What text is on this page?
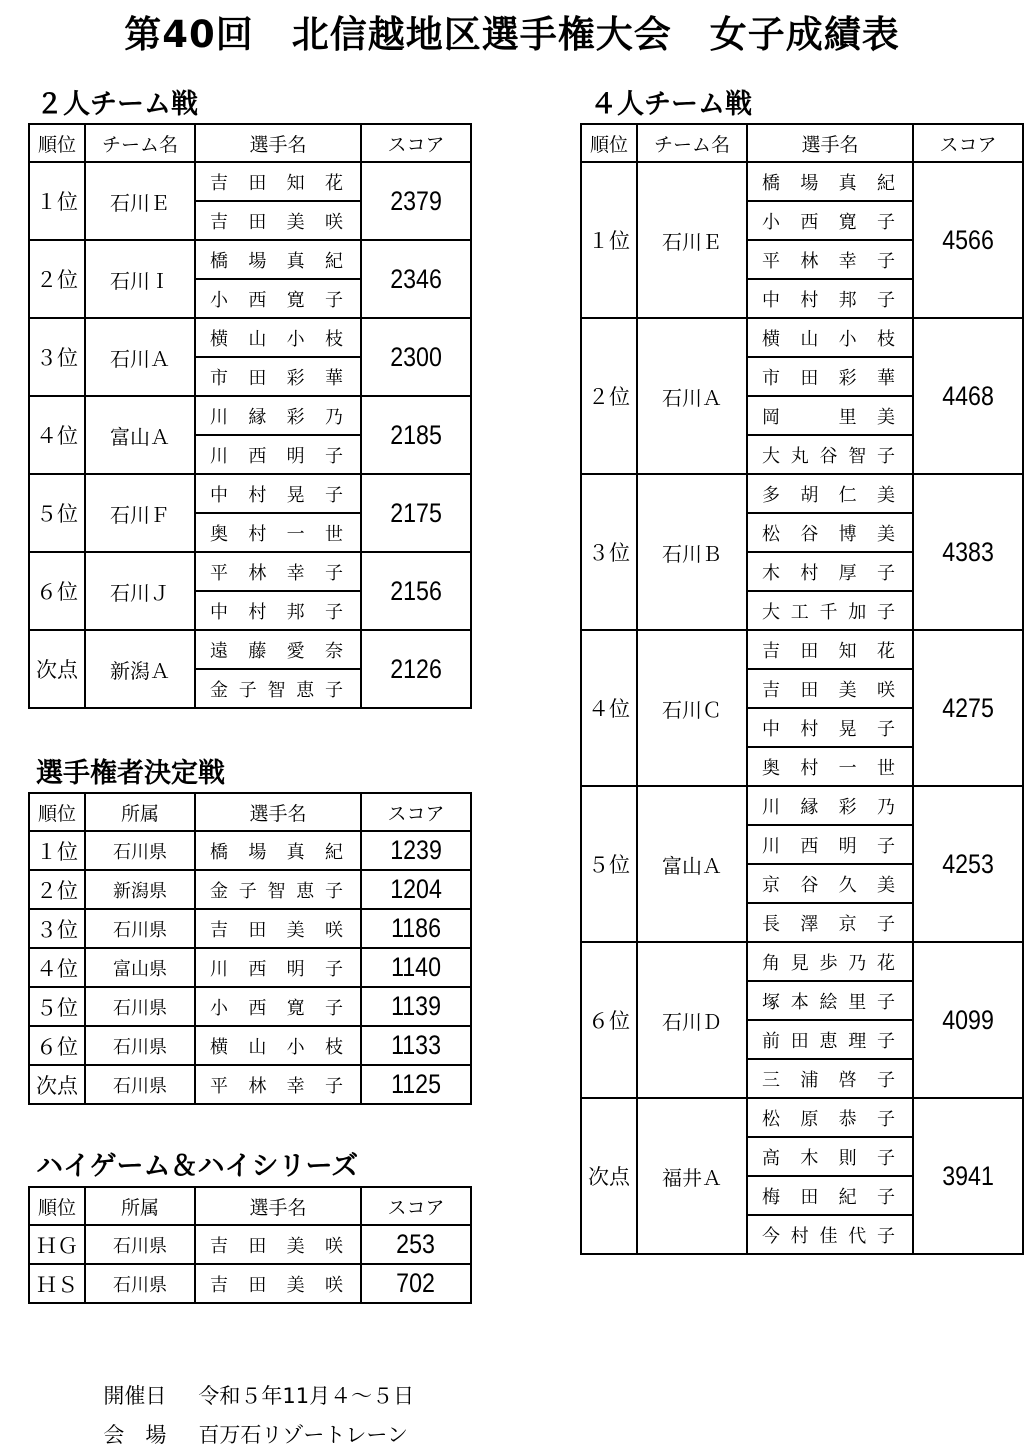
第40回　北信越地区選手権大会　女子成績表
２人チーム戦
順位	チーム名	選手名	スコア
１位	石川Ｅ	吉田知花	2379
		吉田美咲	
２位	石川Ｉ	橋場真紀	2346
		小西寛子	
３位	石川Ａ	横山小枝	2300
		市田彩華	
４位	富山Ａ	川縁彩乃	2185
		川西明子	
５位	石川Ｆ	中村晃子	2175
		奥村一世	
６位	石川Ｊ	平林幸子	2156
		中村邦子	
次点	新潟Ａ	遠藤愛奈	2126
		金子智恵子	
選手権者決定戦
順位	所属	選手名	スコア
１位	石川県	橋場真紀	1239
２位	新潟県	金子智恵子	1204
３位	石川県	吉田美咲	1186
４位	富山県	川西明子	1140
５位	石川県	小西寛子	1139
６位	石川県	横山小枝	1133
次点	石川県	平林幸子	1125
ハイゲーム＆ハイシリーズ
順位	所属	選手名	スコア
ＨＧ	石川県	吉田美咲	253
ＨＳ	石川県	吉田美咲	702
４人チーム戦
順位	チーム名	選手名	スコア
１位	石川Ｅ	橋場真紀	4566
		小西寛子	
		平林幸子	
		中村邦子	
２位	石川Ａ	横山小枝	4468
		市田彩華	
		岡　里美	
		大丸谷智子	
３位	石川Ｂ	多胡仁美	4383
		松谷博美	
		木村厚子	
		大工千加子	
４位	石川Ｃ	吉田知花	4275
		吉田美咲	
		中村晃子	
		奥村一世	
５位	富山Ａ	川縁彩乃	4253
		川西明子	
		京谷久美	
		長澤京子	
６位	石川Ｄ	角見歩乃花	4099
		塚本絵里子	
		前田恵理子	
		三浦啓子	
次点	福井Ａ	松原恭子	3941
		高木則子	
		梅田紀子	
		今村佳代子	

開催日 令和５年11月４～５日

会　場 百万石リゾートレーン
